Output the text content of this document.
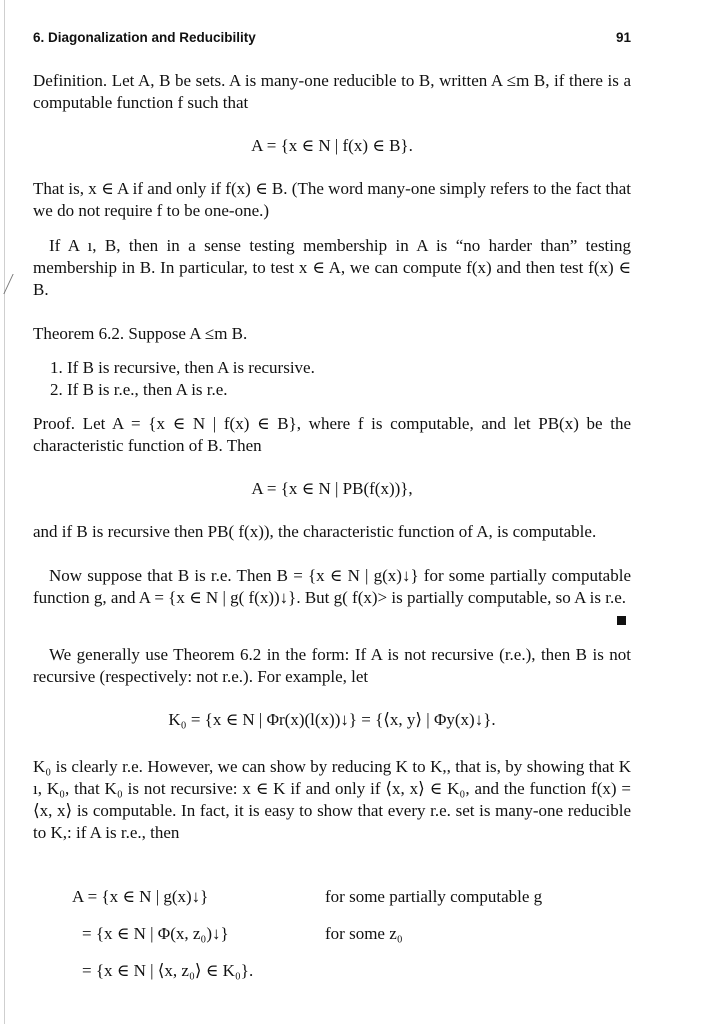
6. Diagonalization and Reducibility	91
Definition. Let A, B be sets. A is many-one reducible to B, written A ≤m B, if there is a computable function f such that
A = {x ∈ N | f(x) ∈ B}.
That is, x ∈ A if and only if f(x) ∈ B. (The word many-one simply refers to the fact that we do not require f to be one-one.)
If A ı, B, then in a sense testing membership in A is “no harder than” testing membership in B. In particular, to test x ∈ A, we can compute f(x) and then test f(x) ∈ B.
Theorem 6.2. Suppose A ≤m B.
1. If B is recursive, then A is recursive.
2. If B is r.e., then A is r.e.
Proof. Let A = {x ∈ N | f(x) ∈ B}, where f is computable, and let PB(x) be the characteristic function of B. Then
A = {x ∈ N | PB(f(x))},
and if B is recursive then PB( f(x)), the characteristic function of A, is computable.
Now suppose that B is r.e. Then B = {x ∈ N | g(x)↓} for some partially computable function g, and A = {x ∈ N | g( f(x))↓}. But g( f(x)> is partially computable, so A is r.e.
We generally use Theorem 6.2 in the form: If A is not recursive (r.e.), then B is not recursive (respectively: not r.e.). For example, let
K₀ = {x ∈ N | Φr(x)(l(x))↓} = {⟨x, y⟩ | Φy(x)↓}.
K₀ is clearly r.e. However, we can show by reducing K to K,, that is, by showing that K ı, K₀, that K₀ is not recursive: x ∈ K if and only if ⟨x, x⟩ ∈ K₀, and the function f(x) = ⟨x, x⟩ is computable. In fact, it is easy to show that every r.e. set is many-one reducible to K,: if A is r.e., then
A = {x ∈ N | g(x)↓}	for some partially computable g
= {x ∈ N | Φ(x, z₀)↓}	for some z₀
= {x ∈ N | ⟨x, z₀⟩ ∈ K₀}.
